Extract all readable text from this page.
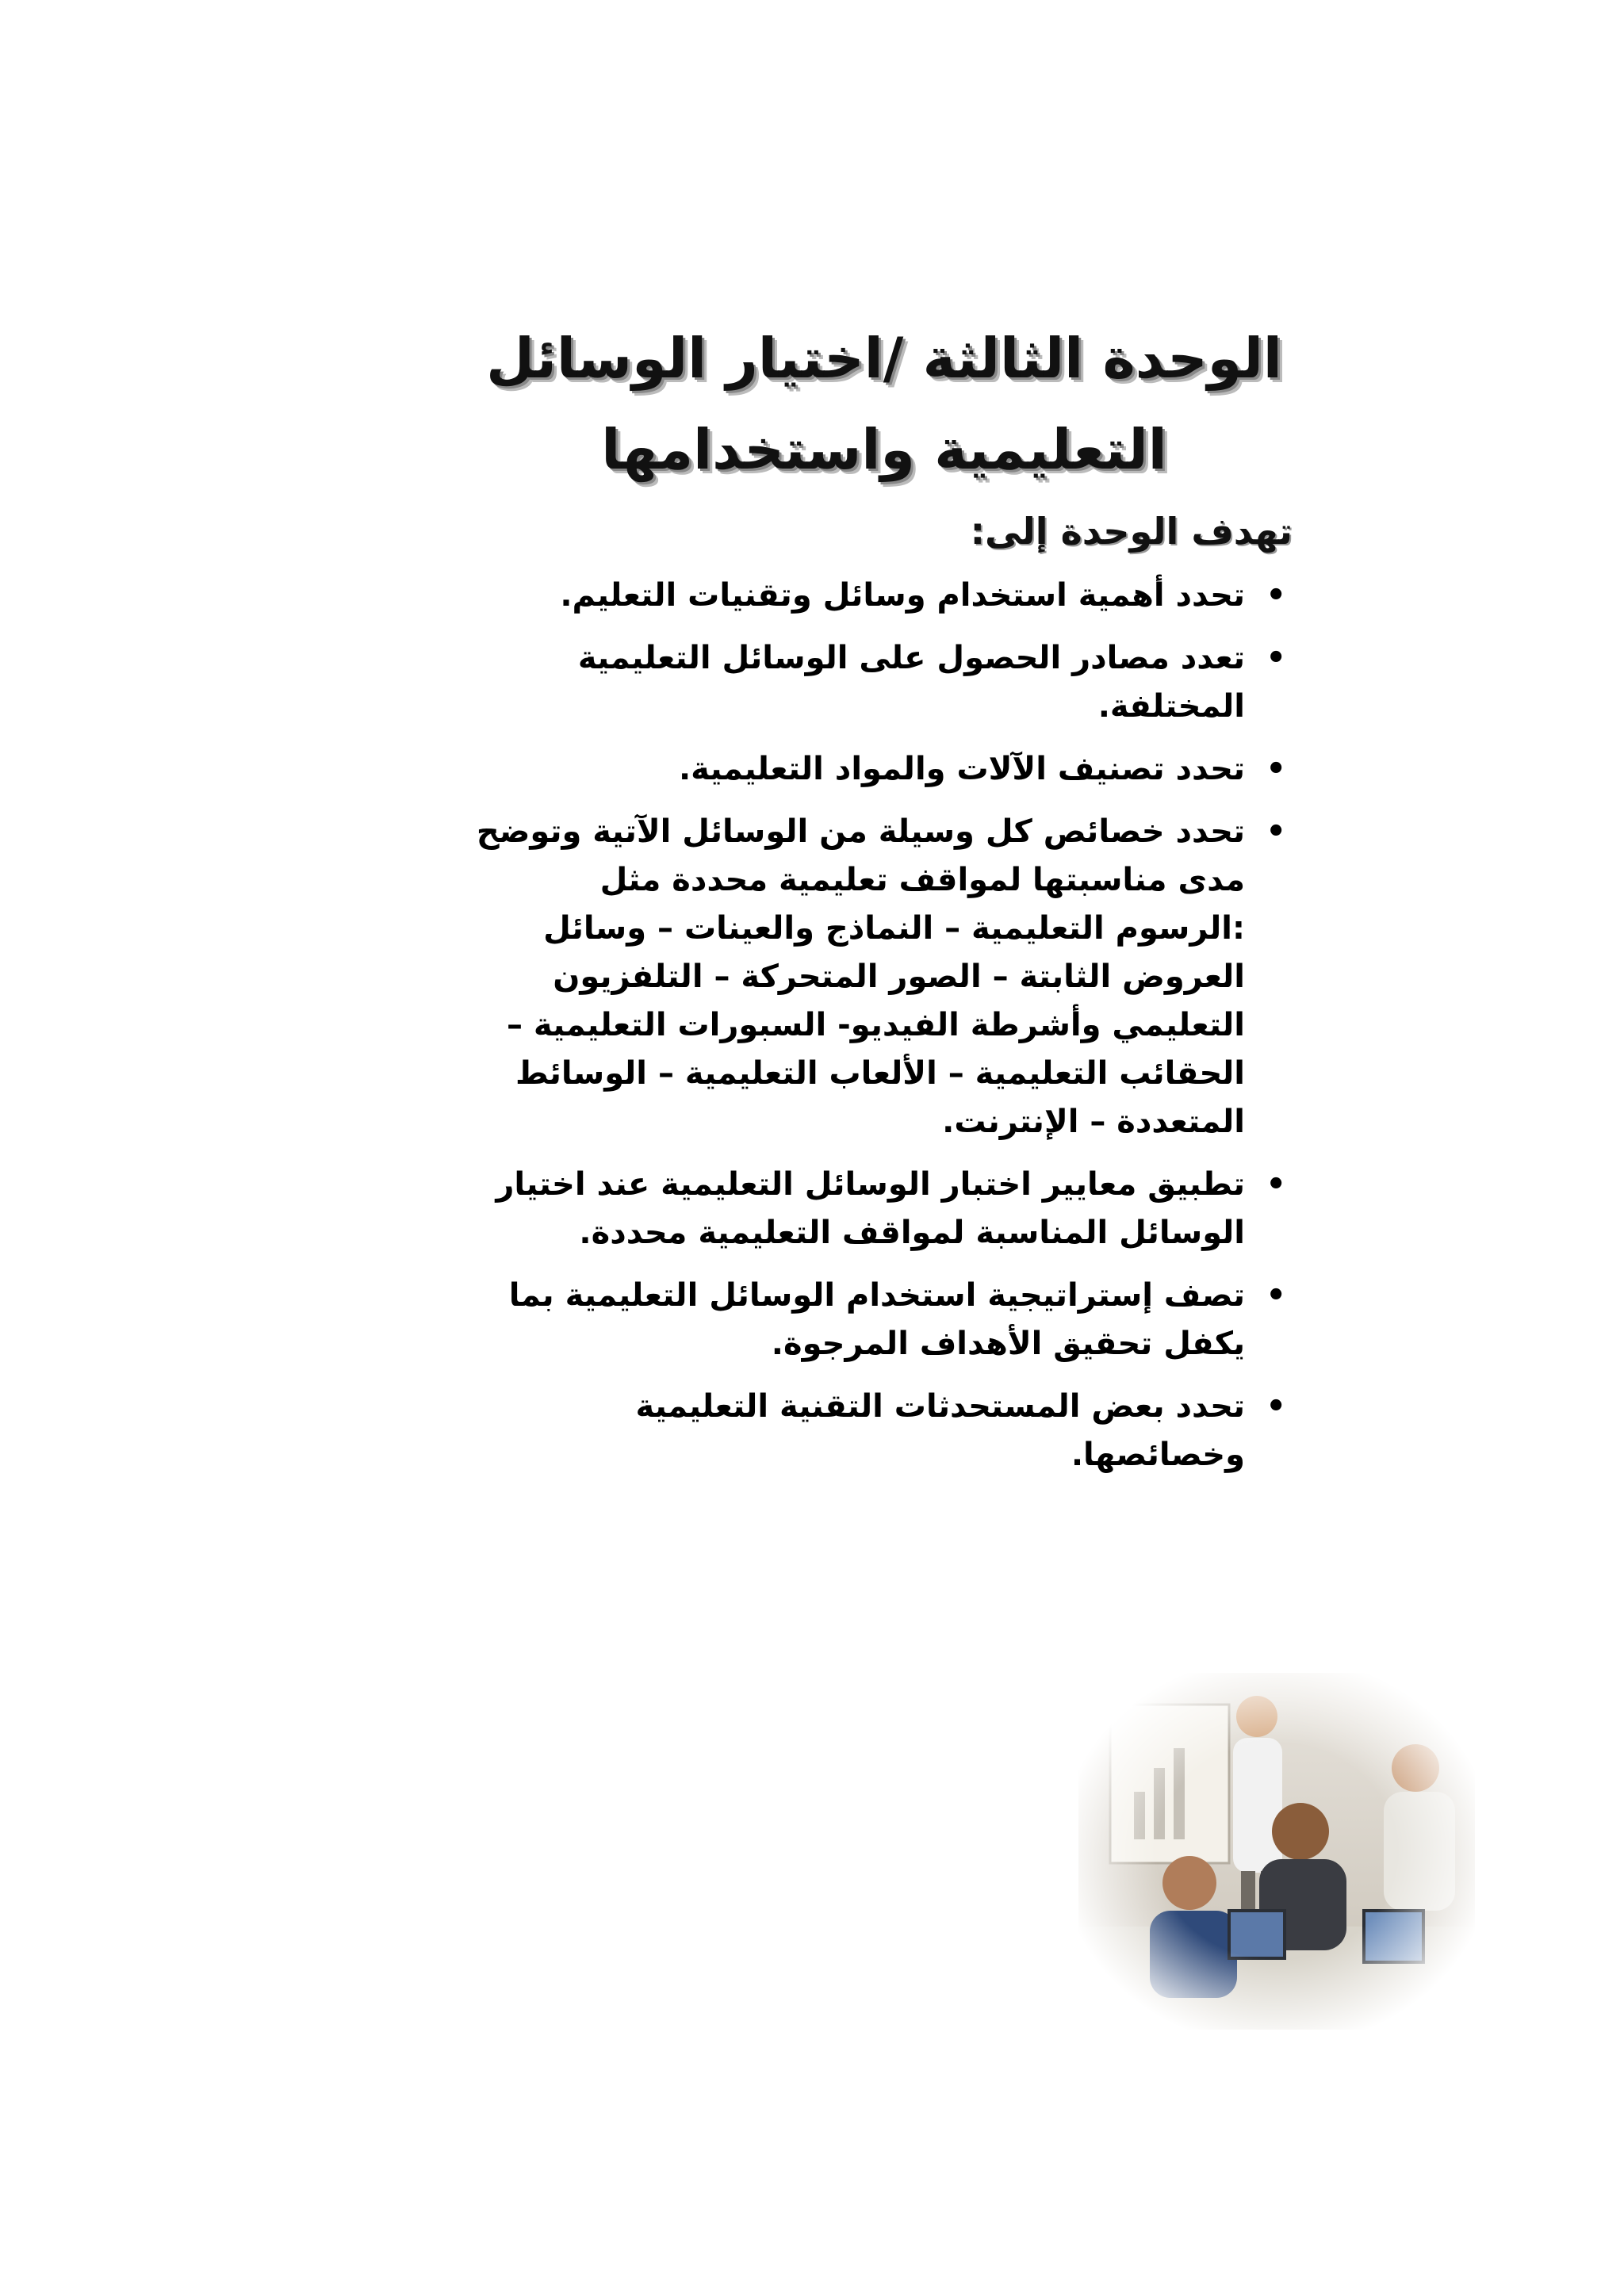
الوحدة الثالثة /اختيار الوسائل
التعليمية واستخدامها
تهدف الوحدة إلى:
•
تحدد أهمية استخدام وسائل وتقنيات التعليم.
•
تعدد مصادر الحصول على الوسائل التعليمية المختلفة.
•
تحدد تصنيف الآلات والمواد التعليمية.
•
تحدد خصائص كل وسيلة من الوسائل الآتية وتوضح مدى مناسبتها لمواقف تعليمية محددة مثل :الرسوم التعليمية – النماذج والعينات – وسائل العروض الثابتة – الصور المتحركة – التلفزيون التعليمي وأشرطة الفيديو- السبورات التعليمية – الحقائب التعليمية – الألعاب التعليمية – الوسائط المتعددة – الإنترنت.
•
تطبيق معايير اختبار الوسائل التعليمية عند اختيار الوسائل المناسبة لمواقف التعليمية محددة.
•
تصف إستراتيجية استخدام الوسائل التعليمية بما يكفل تحقيق الأهداف المرجوة.
•
تحدد بعض المستحدثات التقنية التعليمية وخصائصها.
